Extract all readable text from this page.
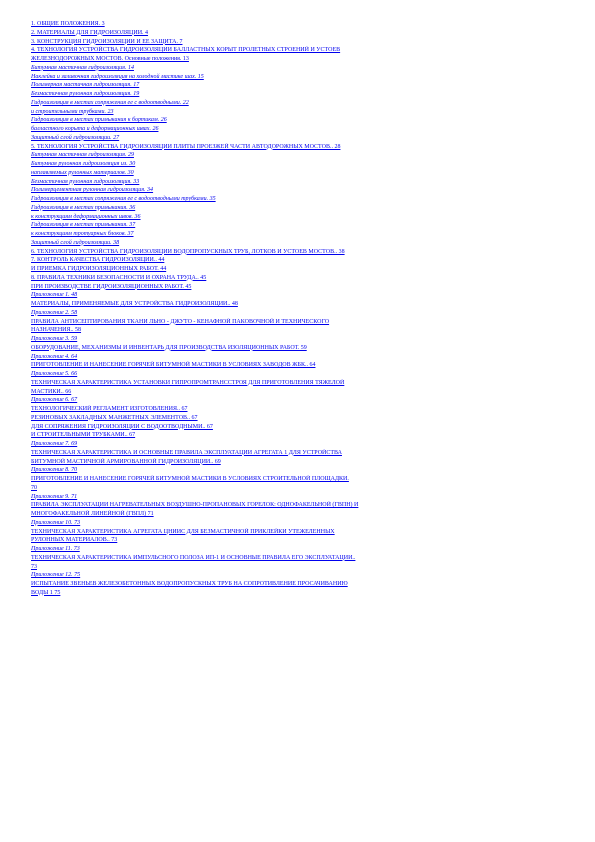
1. ОБЩИЕ ПОЛОЖЕНИЯ. 3
2. МАТЕРИАЛЫ ДЛЯ ГИДРОИЗОЛЯЦИИ. 4
3. КОНСТРУКЦИЯ ГИДРОИЗОЛЯЦИИ И ЕЕ ЗАЩИТА. 7
4. ТЕХНОЛОГИЯ УСТРОЙСТВА ГИДРОИЗОЛЯЦИИ БАЛЛАСТНЫХ КОРЫТ ПРОЛЕТНЫХ СТРОЕНИЙ И УСТОЕВ
ЖЕЛЕЗНОДОРОЖНЫХ МОСТОВ. Основные положения. 13
Битумная мастичная гидроизоляция. 14
Наклейка и заливочная гидроизоляция на холодной мастике шах. 15
Полимерная мастичная гидроизоляция. 17
Безмастичная рулонная гидроизоляция. 19
Гидроизоляция в местах сопряжения ее с водоотводными. 22
и строительными трубками. 23
Гидроизоляция в местах примыкания к бортикам. 26
балластного корыта и деформационных швах. 26
Защитный слой гидроизоляции. 27
5. ТЕХНОЛОГИЯ УСТРОЙСТВА ГИДРОИЗОЛЯЦИИ ПЛИТЫ ПРОЕЗЖЕЙ ЧАСТИ АВТОДОРОЖНЫХ МОСТОВ.. 28
Битумная мастичная гидроизоляция. 29
Битумная рулонная гидроизоляция из. 30
наплавляемых рулонных материалов. 30
Безмастичная рулонная гидроизоляция. 33
Полимерцементная рулонная гидроизоляция. 34
Гидроизоляция в местах сопряжения ее с водоотводными трубками. 35
Гидроизоляция в местах примыкания. 36
к конструкциям деформационных швов. 36
Гидроизоляция в местах примыкания. 37
к конструкциям тротуарных блоков. 37
Защитный слой гидроизоляции. 38
6. ТЕХНОЛОГИЯ УСТРОЙСТВА ГИДРОИЗОЛЯЦИИ ВОДОПРОПУСКНЫХ ТРУБ, ЛОТКОВ И УСТОЕВ МОСТОВ.. 38
7. КОНТРОЛЬ КАЧЕСТВА ГИДРОИЗОЛЯЦИИ.. 44
И ПРИЕМКА ГИДРОИЗОЛЯЦИОННЫХ РАБОТ. 44
8. ПРАВИЛА ТЕХНИКИ БЕЗОПАСНОСТИ И ОХРАНА ТРУДА.. 45
ПРИ ПРОИЗВОДСТВЕ ГИДРОИЗОЛЯЦИОННЫХ РАБОТ. 45
Приложение 1. 48
МАТЕРИАЛЫ, ПРИМЕНЯЕМЫЕ ДЛЯ УСТРОЙСТВА ГИДРОИЗОЛЯЦИИ.. 48
Приложение 2. 58
ПРАВИЛА АНТИСЕПТИРОВАНИЯ ТКАНИ ЛЬНО - ДЖУТО - КЕНАФНОЙ ПАКОВОЧНОЙ И ТЕХНИЧЕСКОГО
НАЗНАЧЕНИЯ.. 58
Приложение 3. 59
ОБОРУДОВАНИЕ, МЕХАНИЗМЫ И ИНВЕНТАРЬ ДЛЯ ПРОИЗВОДСТВА ИЗОЛЯЦИОННЫХ РАБОТ. 59
Приложение 4. 64
ПРИГОТОВЛЕНИЕ И НАНЕСЕНИЕ ГОРЯЧЕЙ БИТУМНОЙ МАСТИКИ В УСЛОВИЯХ ЗАВОДОВ ЖБК.. 64
Приложение 5. 66
ТЕХНИЧЕСКАЯ ХАРАКТЕРИСТИКА УСТАНОВКИ ГИПРОПРОМТРАНССТРОЯ ДЛЯ ПРИГОТОВЛЕНИЯ ТЯЖЕЛОЙ
МАСТИКИ.. 66
Приложение 6. 67
ТЕХНОЛОГИЧЕСКИЙ РЕГЛАМЕНТ ИЗГОТОВЛЕНИЯ.. 67
РЕЗИНОВЫХ ЗАКЛАДНЫХ МАНЖЕТНЫХ ЭЛЕМЕНТОВ.. 67
ДЛЯ СОПРЯЖЕНИЯ ГИДРОИЗОЛЯЦИИ С ВОДООТВОДНЫМИ.. 67
И СТРОИТЕЛЬНЫМИ ТРУБКАМИ.. 67
Приложение 7. 69
ТЕХНИЧЕСКАЯ ХАРАКТЕРИСТИКА И ОСНОВНЫЕ ПРАВИЛА ЭКСПЛУАТАЦИИ АГРЕГАТА 1 ДЛЯ УСТРОЙСТВА
БИТУМНОЙ МАСТИЧНОЙ АРМИРОВАННОЙ ГИДРОИЗОЛЯЦИИ.. 69
Приложение 8. 70
ПРИГОТОВЛЕНИЕ И НАНЕСЕНИЕ ГОРЯЧЕЙ БИТУМНОЙ МАСТИКИ В УСЛОВИЯХ СТРОИТЕЛЬНОЙ ПЛОЩАДКИ.
70
Приложение 9. 71
ПРАВИЛА ЭКСПЛУАТАЦИИ НАГРЕВАТЕЛЬНЫХ ВОЗДУШНО-ПРОПАНОВЫХ ГОРЕЛОК: ОДНОФАКЕЛЬНОЙ (ГВПН) И
МНОГОФАКЕЛЬНОЙ ЛИНЕЙНОЙ (ГВПЛ) 71
Приложение 10. 73
ТЕХНИЧЕСКАЯ ХАРАКТЕРИСТИКА АГРЕГАТА ЦНИИС ДЛЯ БЕЗМАСТИЧНОЙ ПРИКЛЕЙКИ УТЕЖЕЛЕННЫХ
РУЛОННЫХ МАТЕРИАЛОВ.. 73
Приложение 11. 73
ТЕХНИЧЕСКАЯ ХАРАКТЕРИСТИКА ИМПУЛЬСНОГО ПОЛОЗА ИП-1 И ОСНОВНЫЕ ПРАВИЛА ЕГО ЭКСПЛУАТАЦИИ..
73
Приложение 12. 75
ИСПЫТАНИЕ ЗВЕНЬЕВ ЖЕЛЕЗОБЕТОННЫХ ВОДОПРОПУСКНЫХ ТРУБ НА СОПРОТИВЛЕНИЕ ПРОСАЧИВАНИЮ
ВОДЫ 1 75
